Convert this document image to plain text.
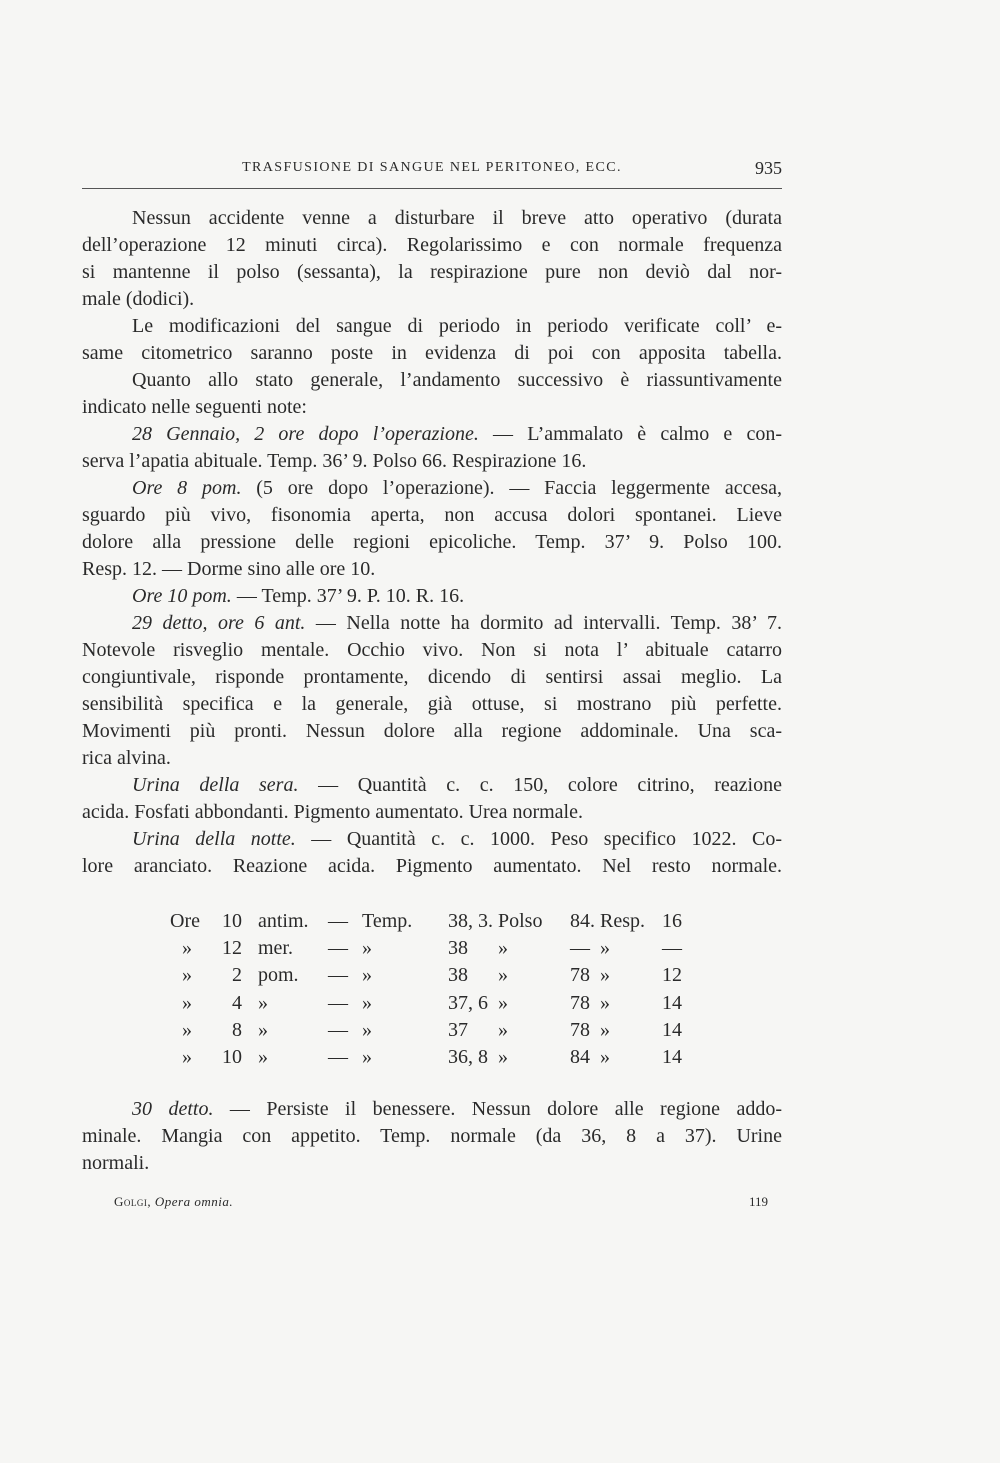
TRASFUSIONE DI SANGUE NEL PERITONEO, ECC.	935
Nessun accidente venne a disturbare il breve atto operativo (durata
dell’operazione 12 minuti circa). Regolarissimo e con normale frequenza
si mantenne il polso (sessanta), la respirazione pure non deviò dal nor-
male (dodici).
Le modificazioni del sangue di periodo in periodo verificate coll’ e-
same citometrico saranno poste in evidenza di poi con apposita tabella.
Quanto allo stato generale, l’andamento successivo è riassuntivamente
indicato nelle seguenti note:
28 Gennaio, 2 ore dopo l’operazione. — L’ammalato è calmo e con-
serva l’apatia abituale. Temp. 36’ 9. Polso 66. Respirazione 16.
Ore 8 pom. (5 ore dopo l’operazione). — Faccia leggermente accesa,
sguardo più vivo, fisonomia aperta, non accusa dolori spontanei. Lieve
dolore alla pressione delle regioni epicoliche. Temp. 37’ 9. Polso 100.
Resp. 12. — Dorme sino alle ore 10.
Ore 10 pom. — Temp. 37’ 9. P. 10. R. 16.
29 detto, ore 6 ant. — Nella notte ha dormito ad intervalli. Temp. 38’ 7.
Notevole risveglio mentale. Occhio vivo. Non si nota l’ abituale catarro
congiuntivale, risponde prontamente, dicendo di sentirsi assai meglio. La
sensibilità specifica e la generale, già ottuse, si mostrano più perfette.
Movimenti più pronti. Nessun dolore alla regione addominale. Una sca-
rica alvina.
Urina della sera. — Quantità c. c. 150, colore citrino, reazione
acida. Fosfati abbondanti. Pigmento aumentato. Urea normale.
Urina della notte. — Quantità c. c. 1000. Peso specifico 1022. Co-
lore aranciato. Reazione acida. Pigmento aumentato. Nel resto normale.
Ore 10 antim. — Temp. 38, 3. Polso 84. Resp. 16
» 12 mer. — »	38 »	— »	—
» 2 pom. — »	38 »	78 »	12
» 4 »	— »	37, 6 »	78 »	14
» 8 »	— »	37 »	78 »	14
» 10 »	— »	36, 8 »	84 »	14
30 detto. — Persiste il benessere. Nessun dolore alle regione addo-
minale. Mangia con appetito. Temp. normale (da 36, 8 a 37). Urine
normali.
Golgi, Opera omnia.	119
